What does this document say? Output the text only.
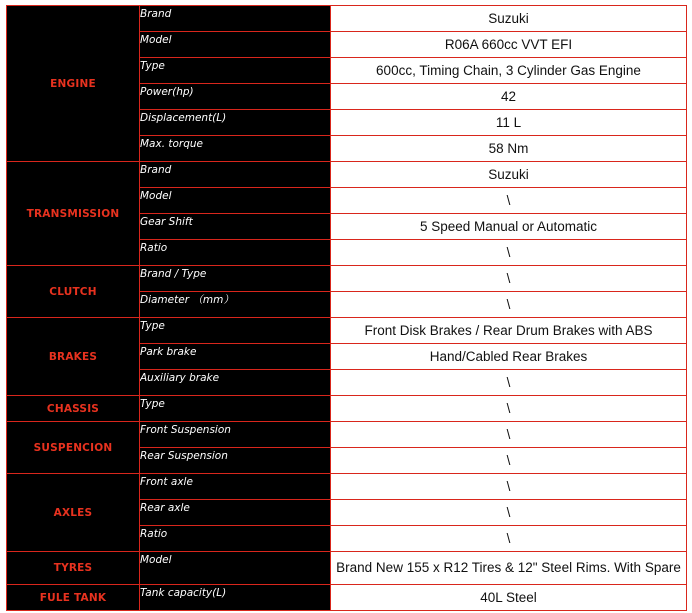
ENGINE	Brand	Suzuki
	Model	R06A 660cc VVT EFI
	Type	600cc, Timing Chain, 3 Cylinder Gas Engine
	Power(hp)	42
	Displacement(L)	11 L
	Max. torque	58 Nm
TRANSMISSION	Brand	Suzuki
	Model	\
	Gear Shift	5 Speed Manual or Automatic
	Ratio	\
CLUTCH	Brand / Type	\
	Diameter （mm）	\
BRAKES	Type	Front Disk Brakes / Rear Drum Brakes with ABS
	Park brake	Hand/Cabled Rear Brakes
	Auxiliary brake	\
CHASSIS	Type	\
SUSPENCION	Front Suspension	\
	Rear Suspension	\
AXLES	Front axle	\
	Rear axle	\
	Ratio	\
TYRES	Model	Brand New 155 x R12 Tires & 12" Steel Rims. With Spare
FULE TANK	Tank capacity(L)	40L Steel
